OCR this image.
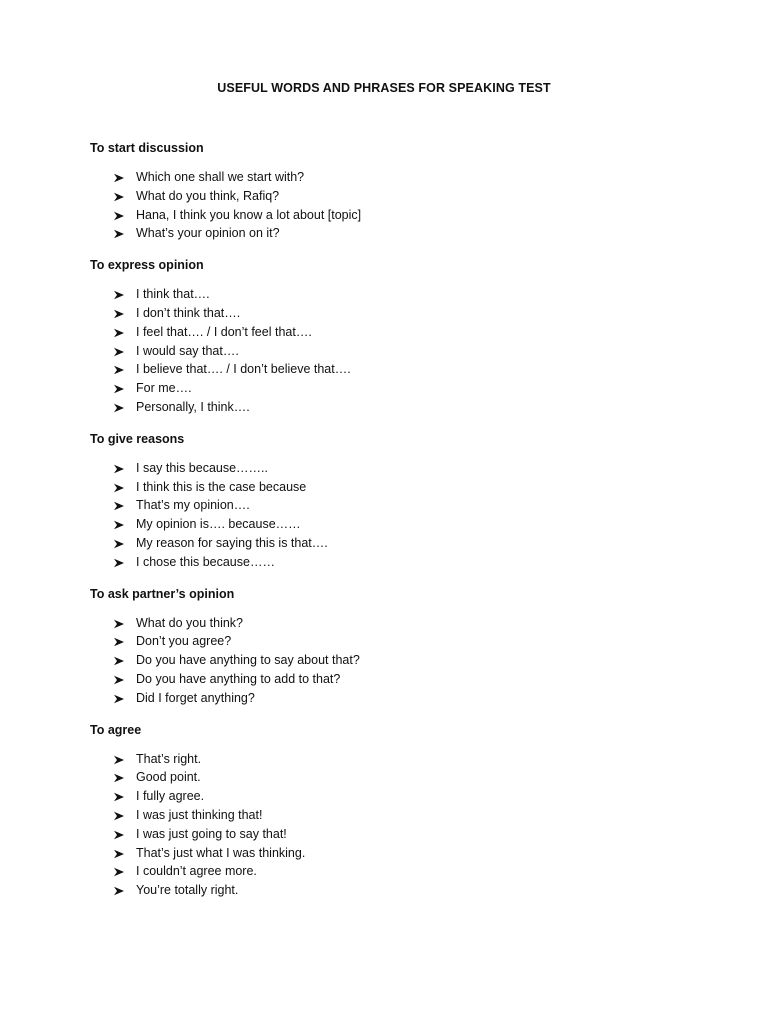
USEFUL WORDS AND PHRASES FOR SPEAKING TEST
To start discussion
Which one shall we start with?
What do you think, Rafiq?
Hana, I think you know a lot about [topic]
What’s your opinion on it?
To express opinion
I think that….
I don’t think that….
I feel that…. / I don’t feel that….
I would say that….
I believe that…. / I don’t believe that….
For me….
Personally, I think….
To give reasons
I say this because……..
I think this is the case because
That’s my opinion….
My opinion is…. because……
My reason for saying this is that….
I chose this because……
To ask partner’s opinion
What do you think?
Don’t you agree?
Do you have anything to say about that?
Do you have anything to add to that?
Did I forget anything?
To agree
That’s right.
Good point.
I fully agree.
I was just thinking that!
I was just going to say that!
That’s just what I was thinking.
I couldn’t agree more.
You’re totally right.
